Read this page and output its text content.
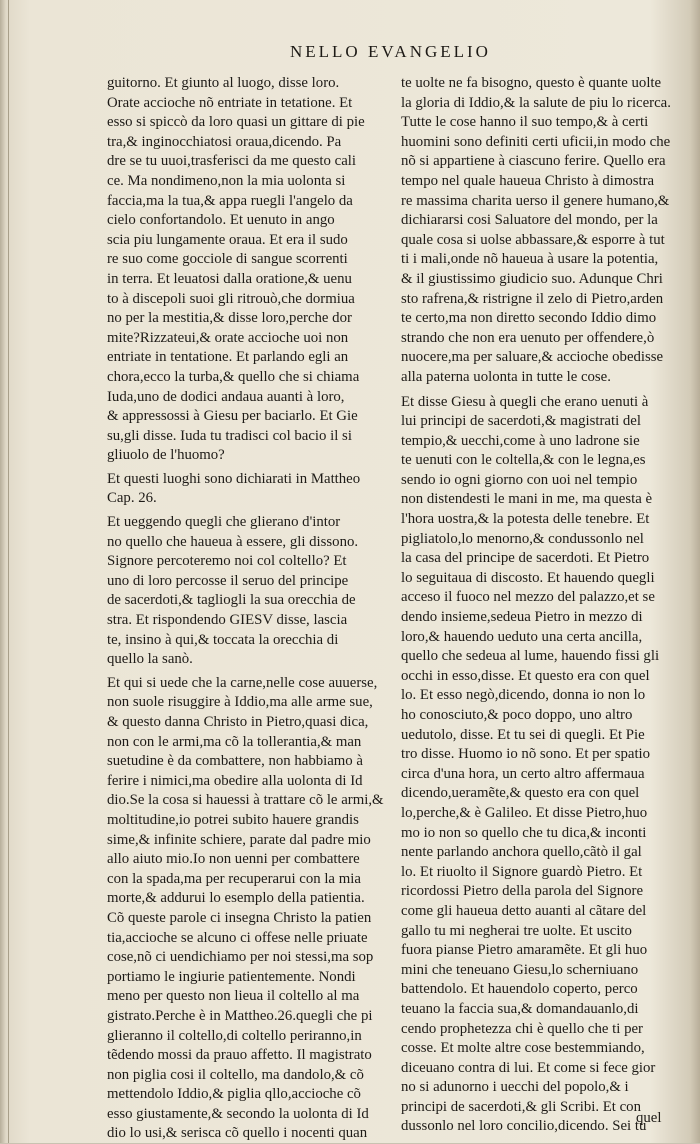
NELLO EVANGELIO
guitorno. Et giunto al luogo, disse loro.
Orate accioche nõ entriate in tetatione. Et
esso si spiccò da loro quasi un gittare di pie
tra,& inginocchiatosi oraua,dicendo. Pa
dre se tu uuoi,trasferisci da me questo cali
ce. Ma nondimeno,non la mia uolonta si
faccia,ma la tua,& appa ruegli l'angelo da
cielo confortandolo. Et uenuto in ango
scia piu lungamente oraua. Et era il sudo
re suo come gocciole di sangue scorrenti
in terra. Et leuatosi dalla oratione,& uenu
to à discepoli suoi gli ritrouò,che dormiua
no per la mestitia,& disse loro,perche dor
mite?Rizzateui,& orate accioche uoi non
entriate in tentatione. Et parlando egli an
chora,ecco la turba,& quello che si chiama
Iuda,uno de dodici andaua auanti à loro,
& appressossi à Giesu per baciarlo. Et Gie
su,gli disse. Iuda tu tradisci col bacio il si
gliuolo de l'huomo?
Et questi luoghi sono dichiarati in Mattheo
Cap. 26.
Et ueggendo quegli che glierano d'intor
no quello che haueua à essere, gli dissono.
Signore percoteremo noi col coltello? Et
uno di loro percosse il seruo del principe
de sacerdoti,& tagliogli la sua orecchia de
stra. Et rispondendo GIESV disse, lascia
te, insino à qui,& toccata la orecchia di
quello la sanò.
Et qui si uede che la carne,nelle cose auuerse,
non suole risuggire à Iddio,ma alle arme sue,
& questo danna Christo in Pietro,quasi dica,
non con le armi,ma cõ la tollerantia,& man
suetudine è da combattere, non habbiamo à
ferire i nimici,ma obedire alla uolonta di Id
dio.Se la cosa si hauessi à trattare cõ le armi,&
moltitudine,io potrei subito hauere grandis
sime,& infinite schiere, parate dal padre mio
allo aiuto mio.Io non uenni per combattere
con la spada,ma per recuperarui con la mia
morte,& addurui lo esemplo della patientia.
Cõ queste parole ci insegna Christo la patien
tia,accioche se alcuno ci offese nelle priuate
cose,nõ ci uendichiamo per noi stessi,ma sop
portiamo le ingiurie patientemente. Nondi
meno per questo non lieua il coltello al ma
gistrato.Perche è in Mattheo.26.quegli che pi
glieranno il coltello,di coltello periranno,in
tẽdendo mossi da prauo affetto. Il magistrato
non piglia cosi il coltello, ma dandolo,& cõ
mettendolo Iddio,& piglia qllo,accioche cõ
esso giustamente,& secondo la uolonta di Id
dio lo usi,& serisca cõ quello i nocenti quan
te uolte ne fa bisogno, questo è quante uolte
la gloria di Iddio,& la salute de piu lo ricerca.
Tutte le cose hanno il suo tempo,& à certi
huomini sono definiti certi uficii,in modo che
nõ si appartiene à ciascuno ferire. Quello era
tempo nel quale haueua Christo à dimostra
re massima charita uerso il genere humano,&
dichiararsi cosi Saluatore del mondo, per la
quale cosa si uolse abbassare,& esporre à tut
ti i mali,onde nõ haueua à usare la potentia,
& il giustissimo giudicio suo. Adunque Chri
sto rafrena,& ristrigne il zelo di Pietro,arden
te certo,ma non diretto secondo Iddio dimo
strando che non era uenuto per offendere,ò
nuocere,ma per saluare,& accioche obedisse
alla paterna uolonta in tutte le cose.
Et disse Giesu à quegli che erano uenuti à
lui principi de sacerdoti,& magistrati del
tempio,& uecchi,come à uno ladrone sie
te uenuti con le coltella,& con le legna,es
sendo io ogni giorno con uoi nel tempio
non distendesti le mani in me, ma questa è
l'hora uostra,& la potesta delle tenebre. Et
pigliatolo,lo menorno,& condussonlo nel
la casa del principe de sacerdoti. Et Pietro
lo seguitaua di discosto. Et hauendo quegli
acceso il fuoco nel mezzo del palazzo,et se
dendo insieme,sedeua Pietro in mezzo di
loro,& hauendo ueduto una certa ancilla,
quello che sedeua al lume, hauendo fissi gli
occhi in esso,disse. Et questo era con quel
lo. Et esso negò,dicendo, donna io non lo
ho conosciuto,& poco doppo, uno altro
uedutolo, disse. Et tu sei di quegli. Et Pie
tro disse. Huomo io nõ sono. Et per spatio
circa d'una hora, un certo altro affermaua
dicendo,ueramẽte,& questo era con quel
lo,perche,& è Galileo. Et disse Pietro,huo
mo io non so quello che tu dica,& inconti
nente parlando anchora quello,cãtò il gal
lo. Et riuolto il Signore guardò Pietro. Et
ricordossi Pietro della parola del Signore
come gli haueua detto auanti al cãtare del
gallo tu mi negherai tre uolte. Et uscito
fuora pianse Pietro amaramẽte. Et gli huo
mini che teneuano Giesu,lo scherniuano
battendolo. Et hauendolo coperto, perco
teuano la faccia sua,& domandauanlo,di
cendo prophetezza chi è quello che ti per
cosse. Et molte altre cose bestemmiando,
diceuano contra di lui. Et come si fece gior
no si adunorno i uecchi del popolo,& i
principi de sacerdoti,& gli Scribi. Et con
dussonlo nel loro concilio,dicendo. Sei tu
quel
